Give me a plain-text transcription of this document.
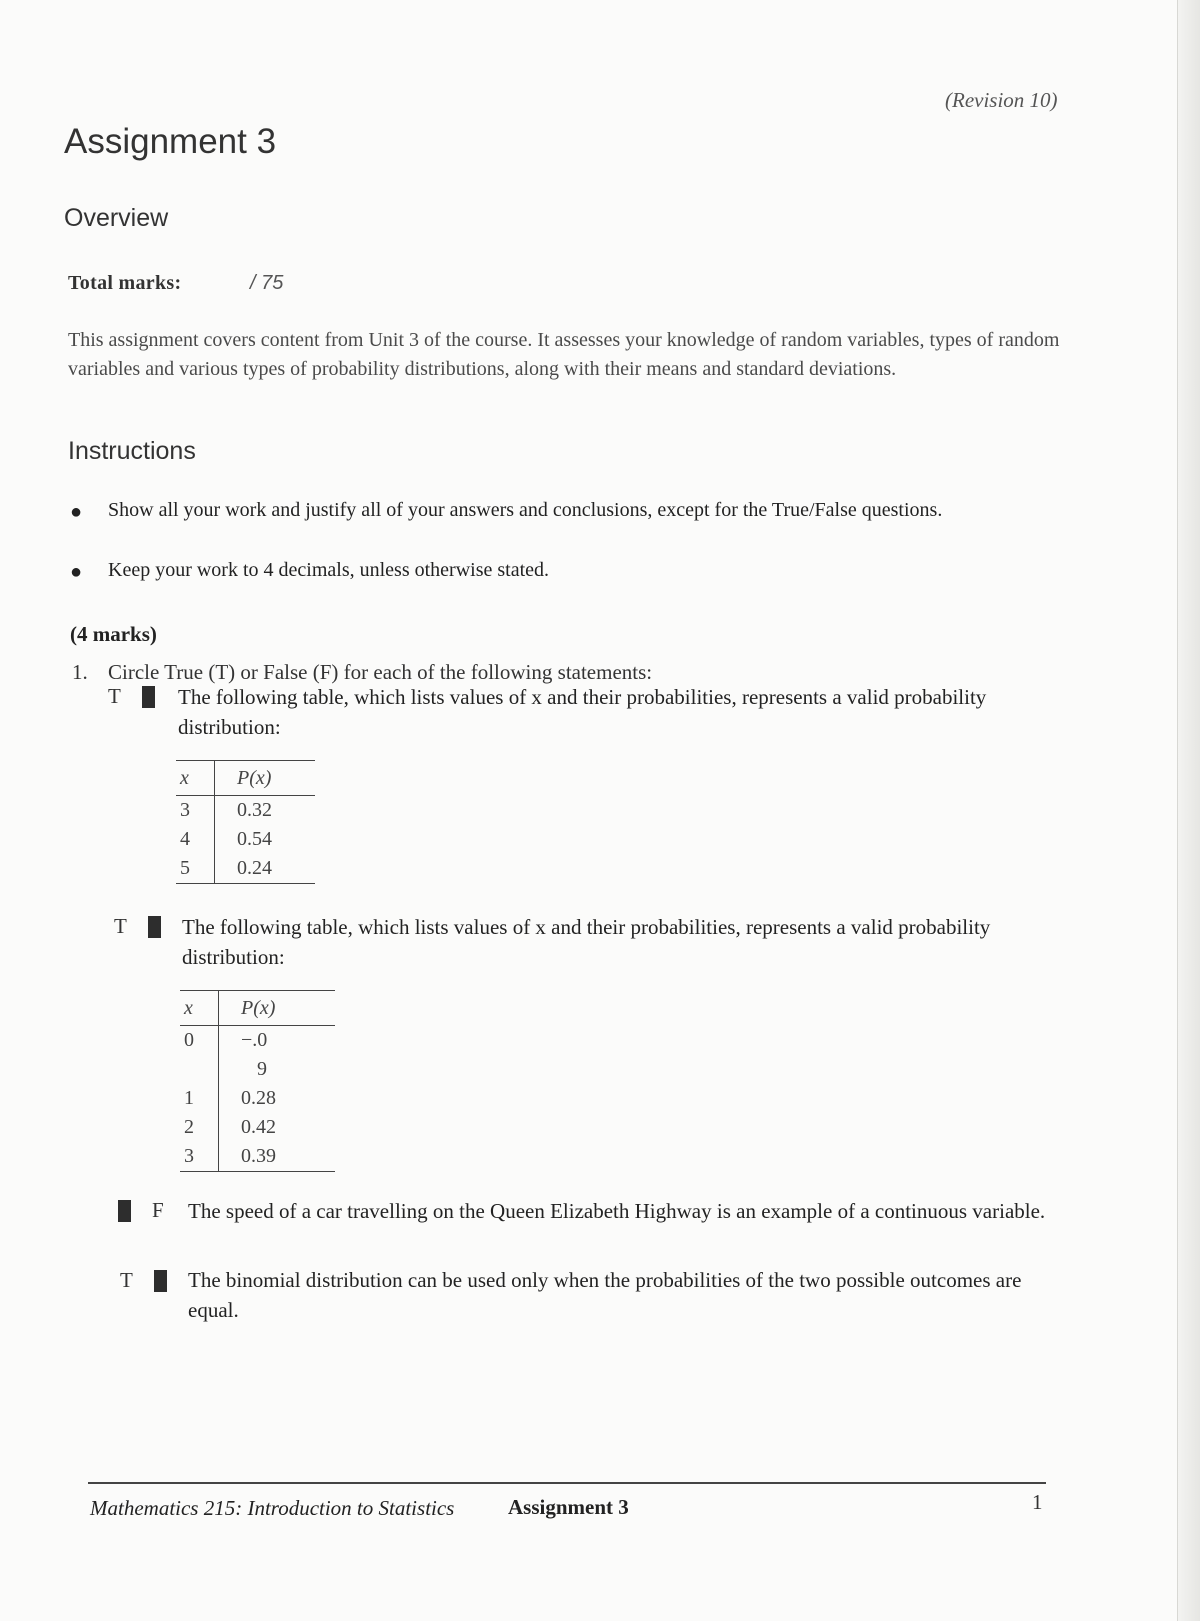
(Revision 10)
Assignment 3
Overview
Total marks:	/ 75

This assignment covers content from Unit 3 of the course. It assesses your knowledge of random variables, types of random variables and various types of probability distributions, along with their means and standard deviations.

Instructions
● Show all your work and justify all of your answers and conclusions, except for the True/False questions.
● Keep your work to 4 decimals, unless otherwise stated.
(4 marks)
1. Circle True (T) or False (F) for each of the following statements:
T	The following table, which lists values of x and their probabilities, represents a valid probability distribution:
x	P(x)
3	0.32
4	0.54
5	0.24
T	The following table, which lists values of x and their probabilities, represents a valid probability distribution:
x	P(x)
0	−.0
	9
1	0.28
2	0.42
3	0.39
F The speed of a car travelling on the Queen Elizabeth Highway is an example of a continuous variable.
T	The binomial distribution can be used only when the probabilities of the two possible outcomes are equal.
Mathematics 215: Introduction to Statistics	Assignment 3	1
